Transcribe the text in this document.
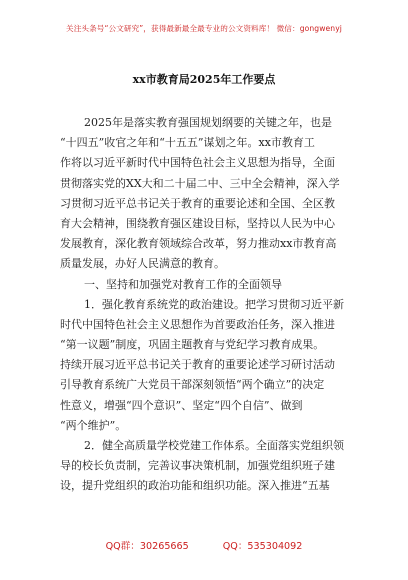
关注头条号“公文研究”，获得最新最全最专业的公文资料库！ 微信：gongwenyj
xx市教育局2025年工作要点
2025年是落实教育强国规划纲要的关键之年，也是
“十四五”收官之年和“十五五”谋划之年。xx市教育工
作将以习近平新时代中国特色社会主义思想为指导，全面
贯彻落实党的XX大和二十届二中、三中全会精神，深入学
习贯彻习近平总书记关于教育的重要论述和全国、全区教
育大会精神，围绕教育强区建设目标，坚持以人民为中心
发展教育，深化教育领域综合改革，努力推动xx市教育高
质量发展，办好人民满意的教育。
一、坚持和加强党对教育工作的全面领导
1．强化教育系统党的政治建设。把学习贯彻习近平新
时代中国特色社会主义思想作为首要政治任务，深入推进
“第一议题”制度，巩固主题教育与党纪学习教育成果。
持续开展习近平总书记关于教育的重要论述学习研讨活动
引导教育系统广大党员干部深刻领悟“两个确立”的决定
性意义，增强“四个意识”、坚定“四个自信”、做到
“两个维护”。
2．健全高质量学校党建工作体系。全面落实党组织领
导的校长负责制，完善议事决策机制，加强党组织班子建
设，提升党组织的政治功能和组织功能。深入推进“五基
QQ群：30265665	QQ：535304092
